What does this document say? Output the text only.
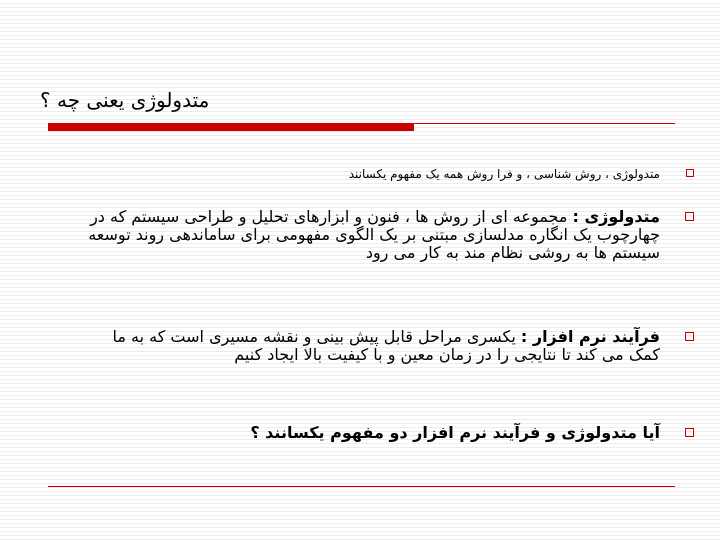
متدولوژی یعنی چه ؟
متدولوژی ، روش شناسی ، و فرا روش همه یک مفهوم یکسانند
متدولوژی : مجموعه ای از روش ها ، فنون و ابزارهای تحلیل و طراحی سیستم که در چهارچوب یک انگاره مدلسازی مبتنی بر یک الگوی مفهومی برای ساماندهی روند توسعه سیستم ها به روشی نظام مند به کار می رود
فرآیند نرم افزار : یکسری مراحل قابل پیش بینی و نقشه مسیری است که به ما کمک می کند تا نتایجی را در زمان معین و با کیفیت بالا ایجاد کنیم
آیا متدولوژی و فرآیند نرم افزار دو مفهوم یکسانند ؟
